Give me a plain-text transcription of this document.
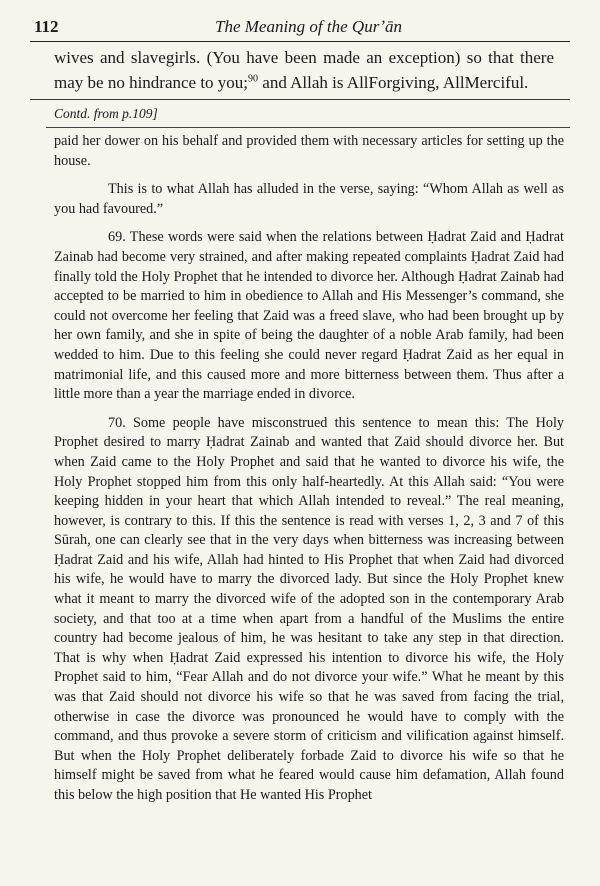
112	The Meaning of the Qurʼān
wives and slavegirls. (You have been made an exception) so that there may be no hindrance to you;$^{90}$ and Allah is AllForgiving, AllMerciful.
Contd. from p.109]

paid her dower on his behalf and provided them with necessary articles for setting up the house.

This is to what Allah has alluded in the verse, saying: “Whom Allah as well as you had favoured.”

69. These words were said when the relations between Ḥadrat Zaid and Ḥadrat Zainab had become very strained, and after making repeated complaints Ḥadrat Zaid had finally told the Holy Prophet that he intended to divorce her. Although Ḥadrat Zainab had accepted to be married to him in obedience to Allah and His Messenger’s command, she could not overcome her feeling that Zaid was a freed slave, who had been brought up by her own family, and she in spite of being the daughter of a noble Arab family, had been wedded to him. Due to this feeling she could never regard Ḥadrat Zaid as her equal in matrimonial life, and this caused more and more bitterness between them. Thus after a little more than a year the marriage ended in divorce.

70. Some people have misconstrued this sentence to mean this: The Holy Prophet desired to marry Ḥadrat Zainab and wanted that Zaid should divorce her. But when Zaid came to the Holy Prophet and said that he wanted to divorce his wife, the Holy Prophet stopped him from this only half-heartedly. At this Allah said: “You were keeping hidden in your heart that which Allah intended to reveal.” The real meaning, however, is contrary to this. If this the sentence is read with verses 1, 2, 3 and 7 of this Sūrah, one can clearly see that in the very days when bitterness was increasing between Ḥadrat Zaid and his wife, Allah had hinted to His Prophet that when Zaid had divorced his wife, he would have to marry the divorced lady. But since the Holy Prophet knew what it meant to marry the divorced wife of the adopted son in the contemporary Arab society, and that too at a time when apart from a handful of the Muslims the entire country had become jealous of him, he was hesitant to take any step in that direction. That is why when Ḥadrat Zaid expressed his intention to divorce his wife, the Holy Prophet said to him, “Fear Allah and do not divorce your wife.” What he meant by this was that Zaid should not divorce his wife so that he was saved from facing the trial, otherwise in case the divorce was pronounced he would have to comply with the command, and thus provoke a severe storm of criticism and vilification against himself. But when the Holy Prophet deliberately forbade Zaid to divorce his wife so that he himself might be saved from what he feared would cause him defamation, Allah found this below the high position that He wanted His Prophet
